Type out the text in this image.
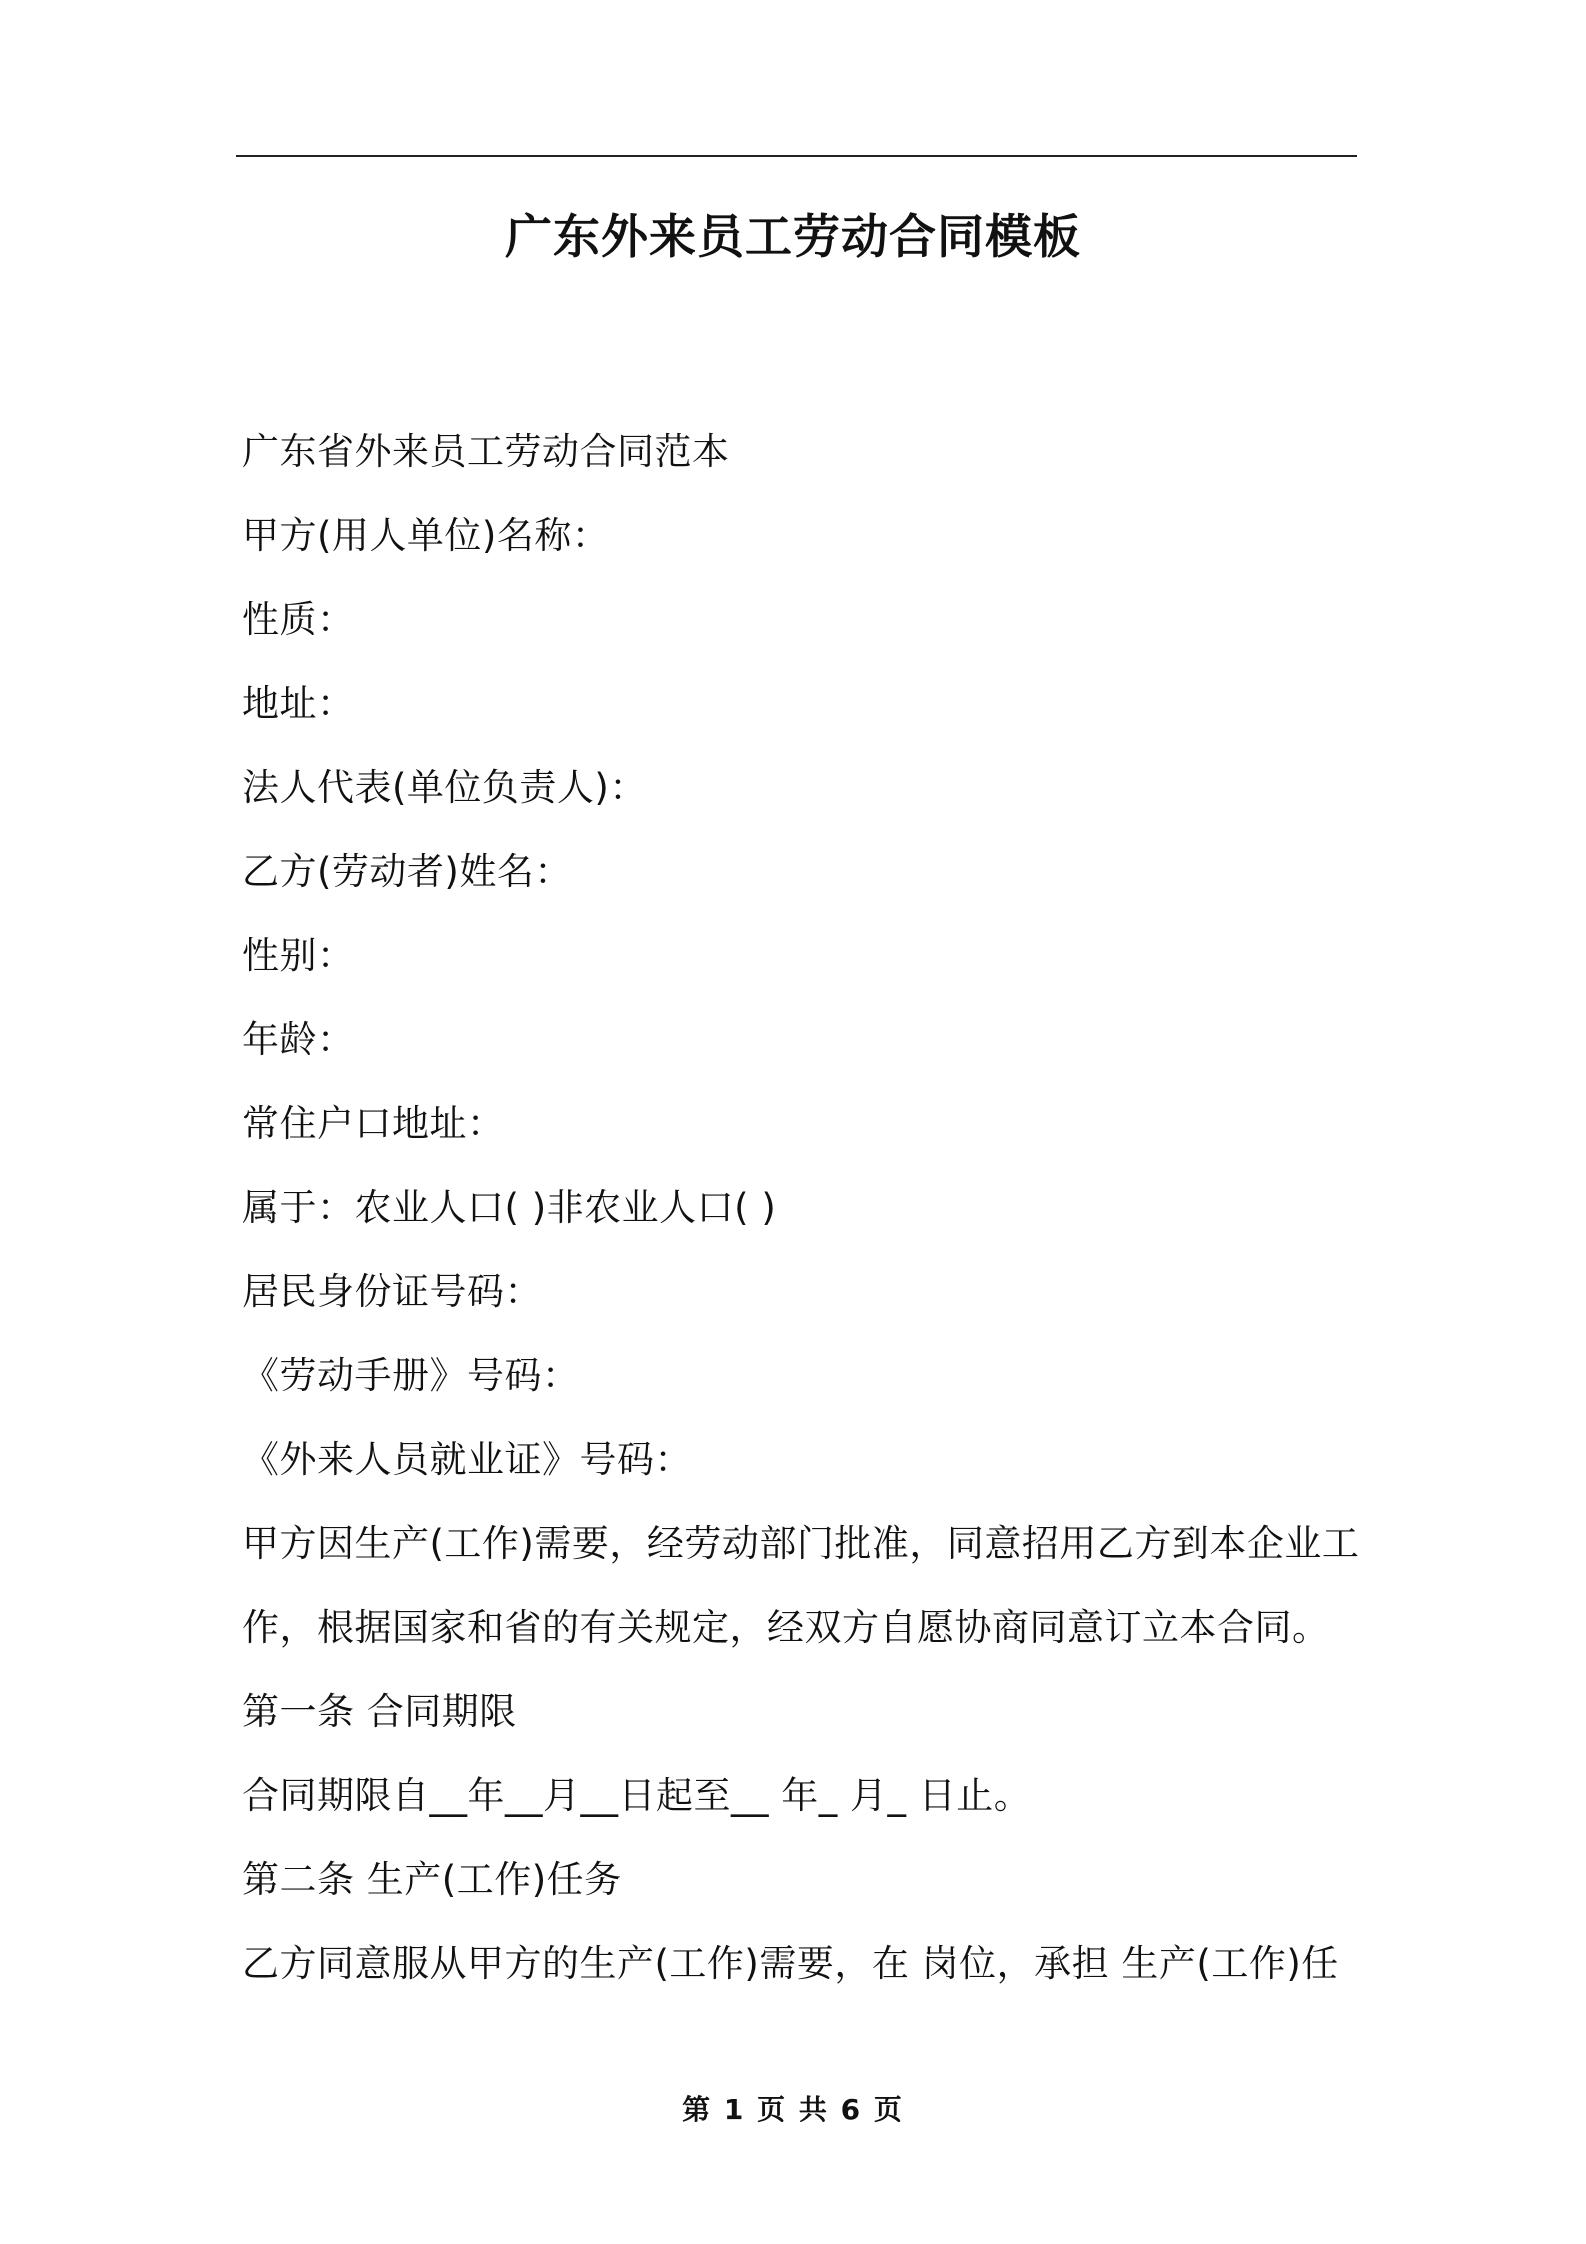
广东外来员工劳动合同模板
广东省外来员工劳动合同范本
甲方(用人单位)名称：
性质：
地址：
法人代表(单位负责人)：
乙方(劳动者)姓名：
性别：
年龄：
常住户口地址：
属于：农业人口( )非农业人口( )
居民身份证号码：
《劳动手册》号码：
《外来人员就业证》号码：
甲方因生产(工作)需要，经劳动部门批准，同意招用乙方到本企业工
作，根据国家和省的有关规定，经双方自愿协商同意订立本合同。
第一条 合同期限
合同期限自__年__月__日起至__ 年_ 月_ 日止。
第二条 生产(工作)任务
乙方同意服从甲方的生产(工作)需要，在 岗位，承担 生产(工作)任
第 1 页 共 6 页
